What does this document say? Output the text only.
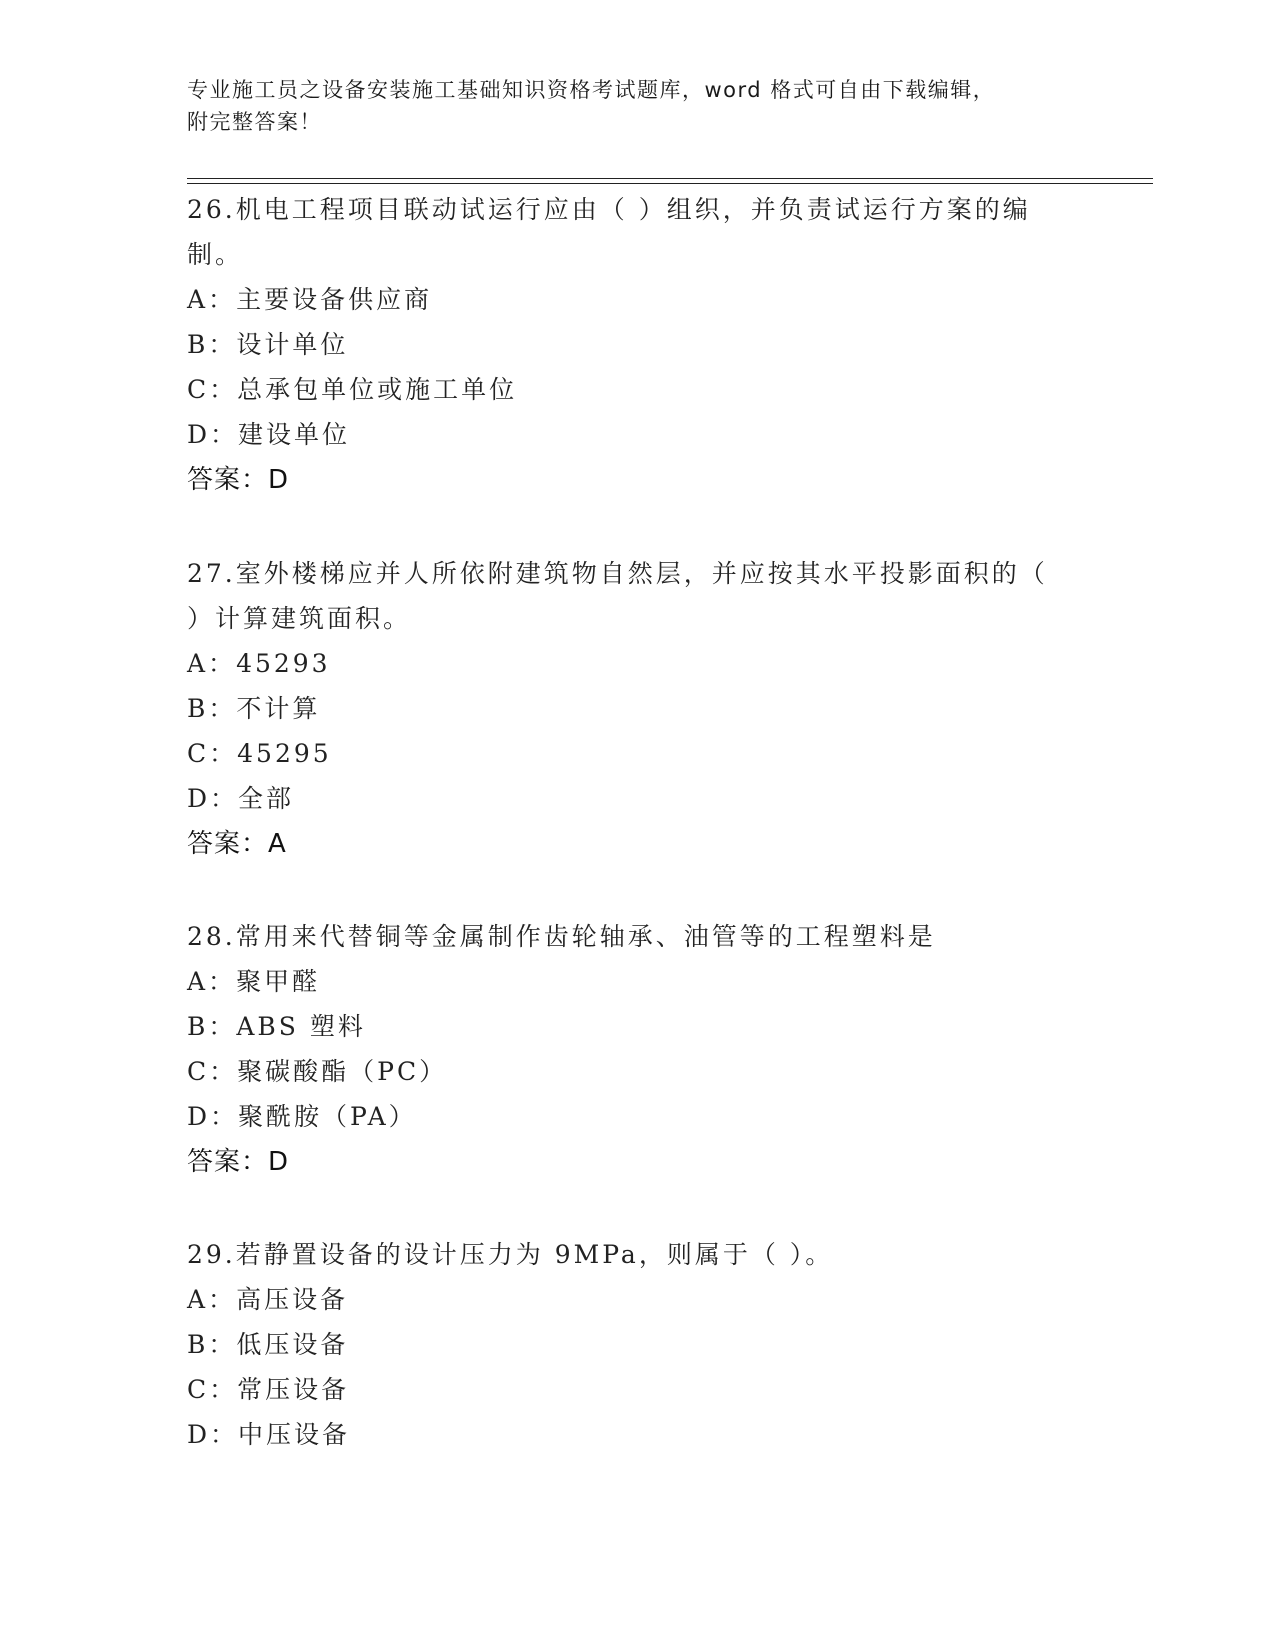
专业施工员之设备安装施工基础知识资格考试题库，word 格式可自由下载编辑，
附完整答案！
26.机电工程项目联动试运行应由（ ）组织，并负责试运行方案的编
制。
A：主要设备供应商
B：设计单位
C：总承包单位或施工单位
D：建设单位
答案：D
27.室外楼梯应并人所依附建筑物自然层，并应按其水平投影面积的（
）计算建筑面积。
A：45293
B：不计算
C：45295
D：全部
答案：A
28.常用来代替铜等金属制作齿轮轴承、油管等的工程塑料是
A：聚甲醛
B：ABS 塑料
C：聚碳酸酯（PC）
D：聚酰胺（PA）
答案：D
29.若静置设备的设计压力为 9MPa，则属于（ ）。
A：高压设备
B：低压设备
C：常压设备
D：中压设备
